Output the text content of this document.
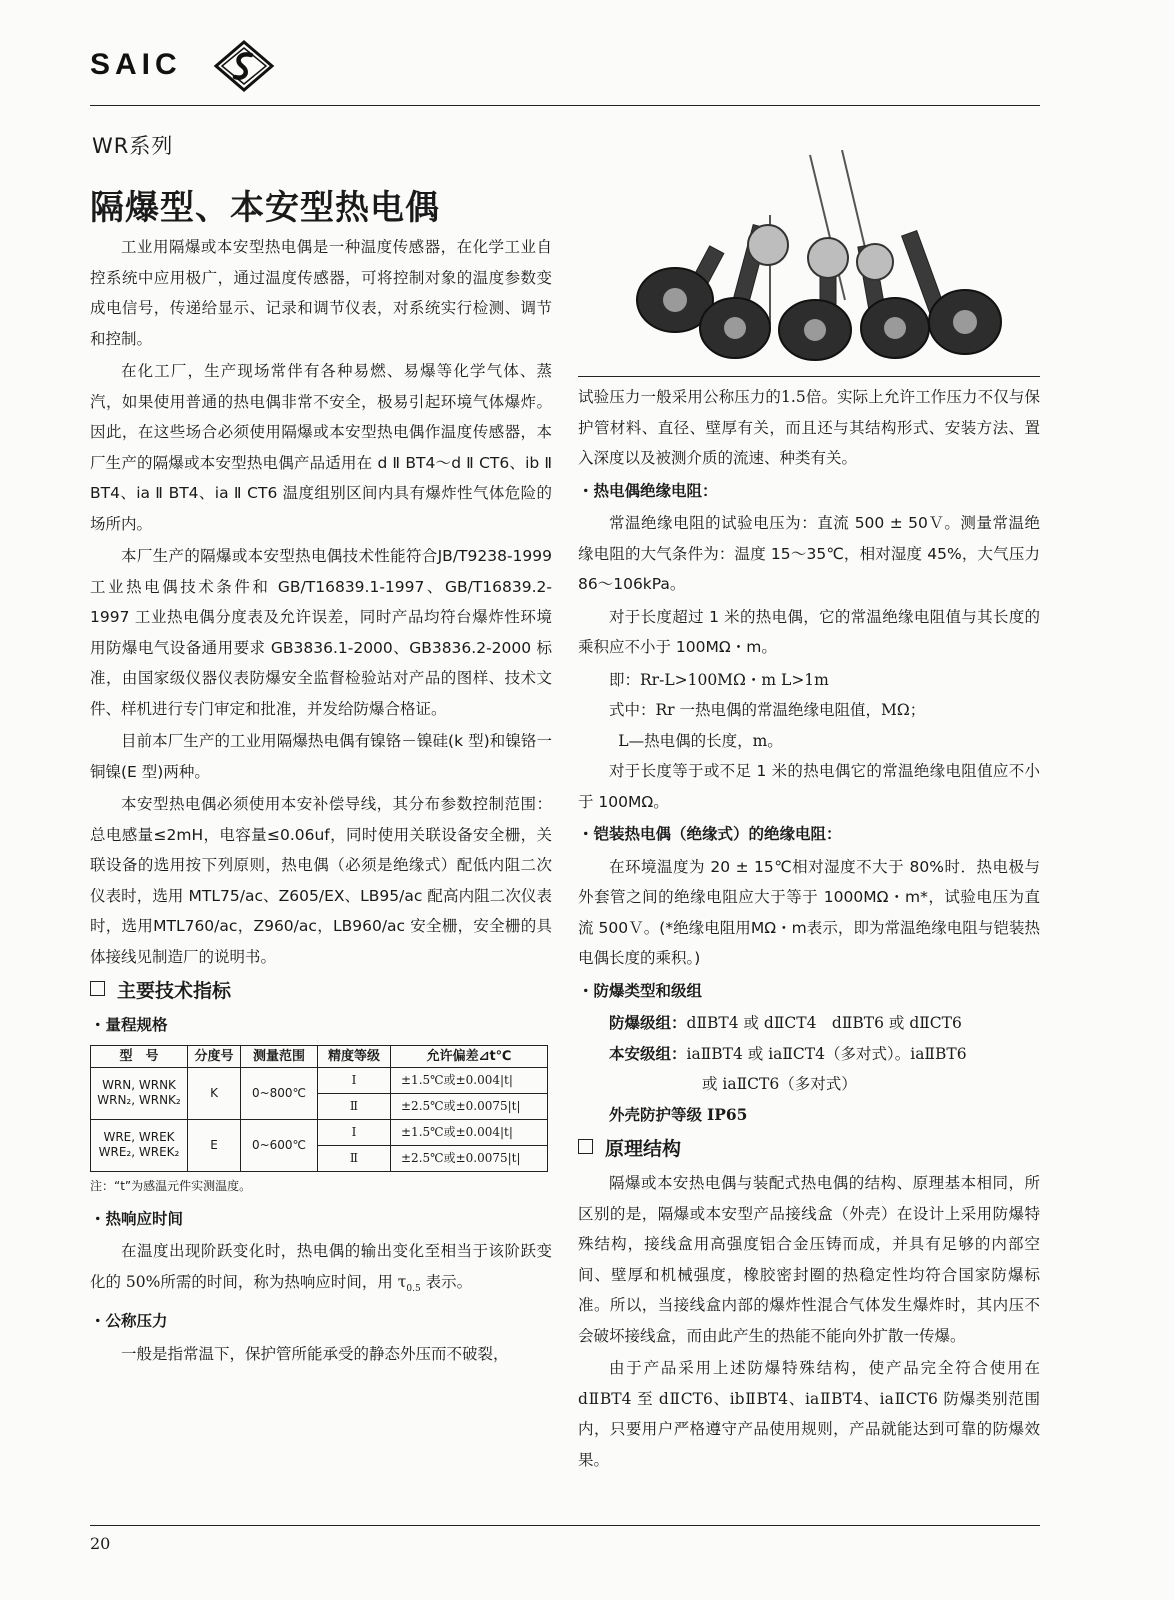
SAIC
WR系列
隔爆型、本安型热电偶

工业用隔爆或本安型热电偶是一种温度传感器，在化学工业自控系统中应用极广，通过温度传感器，可将控制对象的温度参数变成电信号，传递给显示、记录和调节仪表，对系统实行检测、调节和控制。

在化工厂，生产现场常伴有各种易燃、易爆等化学气体、蒸汽，如果使用普通的热电偶非常不安全，极易引起环境气体爆炸。因此，在这些场合必须使用隔爆或本安型热电偶作温度传感器，本厂生产的隔爆或本安型热电偶产品适用在 d Ⅱ BT4～d Ⅱ CT6、ib Ⅱ BT4、ia Ⅱ BT4、ia Ⅱ CT6 温度组别区间内具有爆炸性气体危险的场所内。

本厂生产的隔爆或本安型热电偶技术性能符合JB/T9238-1999 工业热电偶技术条件和 GB/T16839.1-1997、GB/T16839.2-1997 工业热电偶分度表及允许误差，同时产品均符台爆炸性环境用防爆电气设备通用要求 GB3836.1-2000、GB3836.2-2000 标准，由国家级仪器仪表防爆安全监督检验站对产品的图样、技术文件、样机进行专门审定和批准，并发给防爆合格证。

目前本厂生产的工业用隔爆热电偶有镍铬－镍硅(k 型)和镍铬一铜镍(E 型)两种。

本安型热电偶必须使用本安补偿导线，其分布参数控制范围：总电感量≤2mH，电容量≤0.06uf，同时使用关联设备安全栅，关联设备的选用按下列原则，热电偶（必须是绝缘式）配低内阻二次仪表时，选用 MTL75/ac、Z605/EX、LB95/ac 配高内阻二次仪表时，选用MTL760/ac，Z960/ac，LB960/ac 安全栅，安全栅的具体接线见制造厂的说明书。

主要技术指标
・量程规格
型　号	分度号	测量范围	精度等级	允许偏差⊿t℃

WRN, WRNK
WRN₂, WRNK₂	K	0~800℃	Ⅰ	±1.5℃或±0.004|t|
			Ⅱ	±2.5℃或±0.0075|t|

WRE, WREK
WRE₂, WREK₂	E	0~600℃	Ⅰ	±1.5℃或±0.004|t|
			Ⅱ	±2.5℃或±0.0075|t|
注：“t”为感温元件实测温度。
・热响应时间

在温度出现阶跃变化时，热电偶的输出变化至相当于该阶跃变化的 50%所需的时间，称为热响应时间，用 $\tau_{0.5}$ 表示。

・公称压力

一般是指常温下，保护管所能承受的静态外压而不破裂，

试验压力一般采用公称压力的1.5倍。实际上允许工作压力不仅与保护管材料、直径、壁厚有关，而且还与其结构形式、安装方法、置入深度以及被测介质的流速、种类有关。

・热电偶绝缘电阻：

常温绝缘电阻的试验电压为：直流 500 ± 50Ｖ。测量常温绝缘电阻的大气条件为：温度 15～35℃，相对湿度 45%，大气压力 86～106kPa。

对于长度超过 1 米的热电偶，它的常温绝缘电阻值与其长度的乘积应不小于 100MΩ・m。

即：Rr-L>100MΩ・m L>1m
式中：Rr 一热电偶的常温绝缘电阻值，MΩ；
L—热电偶的长度，m。

对于长度等于或不足 1 米的热电偶它的常温绝缘电阻值应不小于 100MΩ。

・铠装热电偶（绝缘式）的绝缘电阻：

在环境温度为 20 ± 15℃相对湿度不大于 80%时．热电极与外套管之间的绝缘电阻应大于等于 1000MΩ・m*，试验电压为直流 500Ｖ。(*绝缘电阻用MΩ・m表示，即为常温绝缘电阻与铠装热电偶长度的乘积。)

・防爆类型和级组
防爆级组：dⅡBT4 或 dⅡCT4　dⅡBT6 或 dⅡCT6
本安级组：iaⅡBT4 或 iaⅡCT4（多对式）。iaⅡBT6
或 iaⅡCT6（多对式）
外壳防护等级 IP65
原理结构

隔爆或本安热电偶与装配式热电偶的结构、原理基本相同，所区别的是，隔爆或本安型产品接线盒（外壳）在设计上采用防爆特殊结构，接线盒用高强度铝合金压铸而成，并具有足够的内部空间、壁厚和机械强度，橡胶密封圈的热稳定性均符合国家防爆标准。所以，当接线盒内部的爆炸性混合气体发生爆炸时，其内压不会破坏接线盒，而由此产生的热能不能向外扩散一传爆。

由于产品采用上述防爆特殊结构，使产品完全符合使用在 dⅡBT4 至 dⅡCT6、ibⅡBT4、iaⅡBT4、iaⅡCT6 防爆类别范围内，只要用户严格遵守产品使用规则，产品就能达到可靠的防爆效果。

20
